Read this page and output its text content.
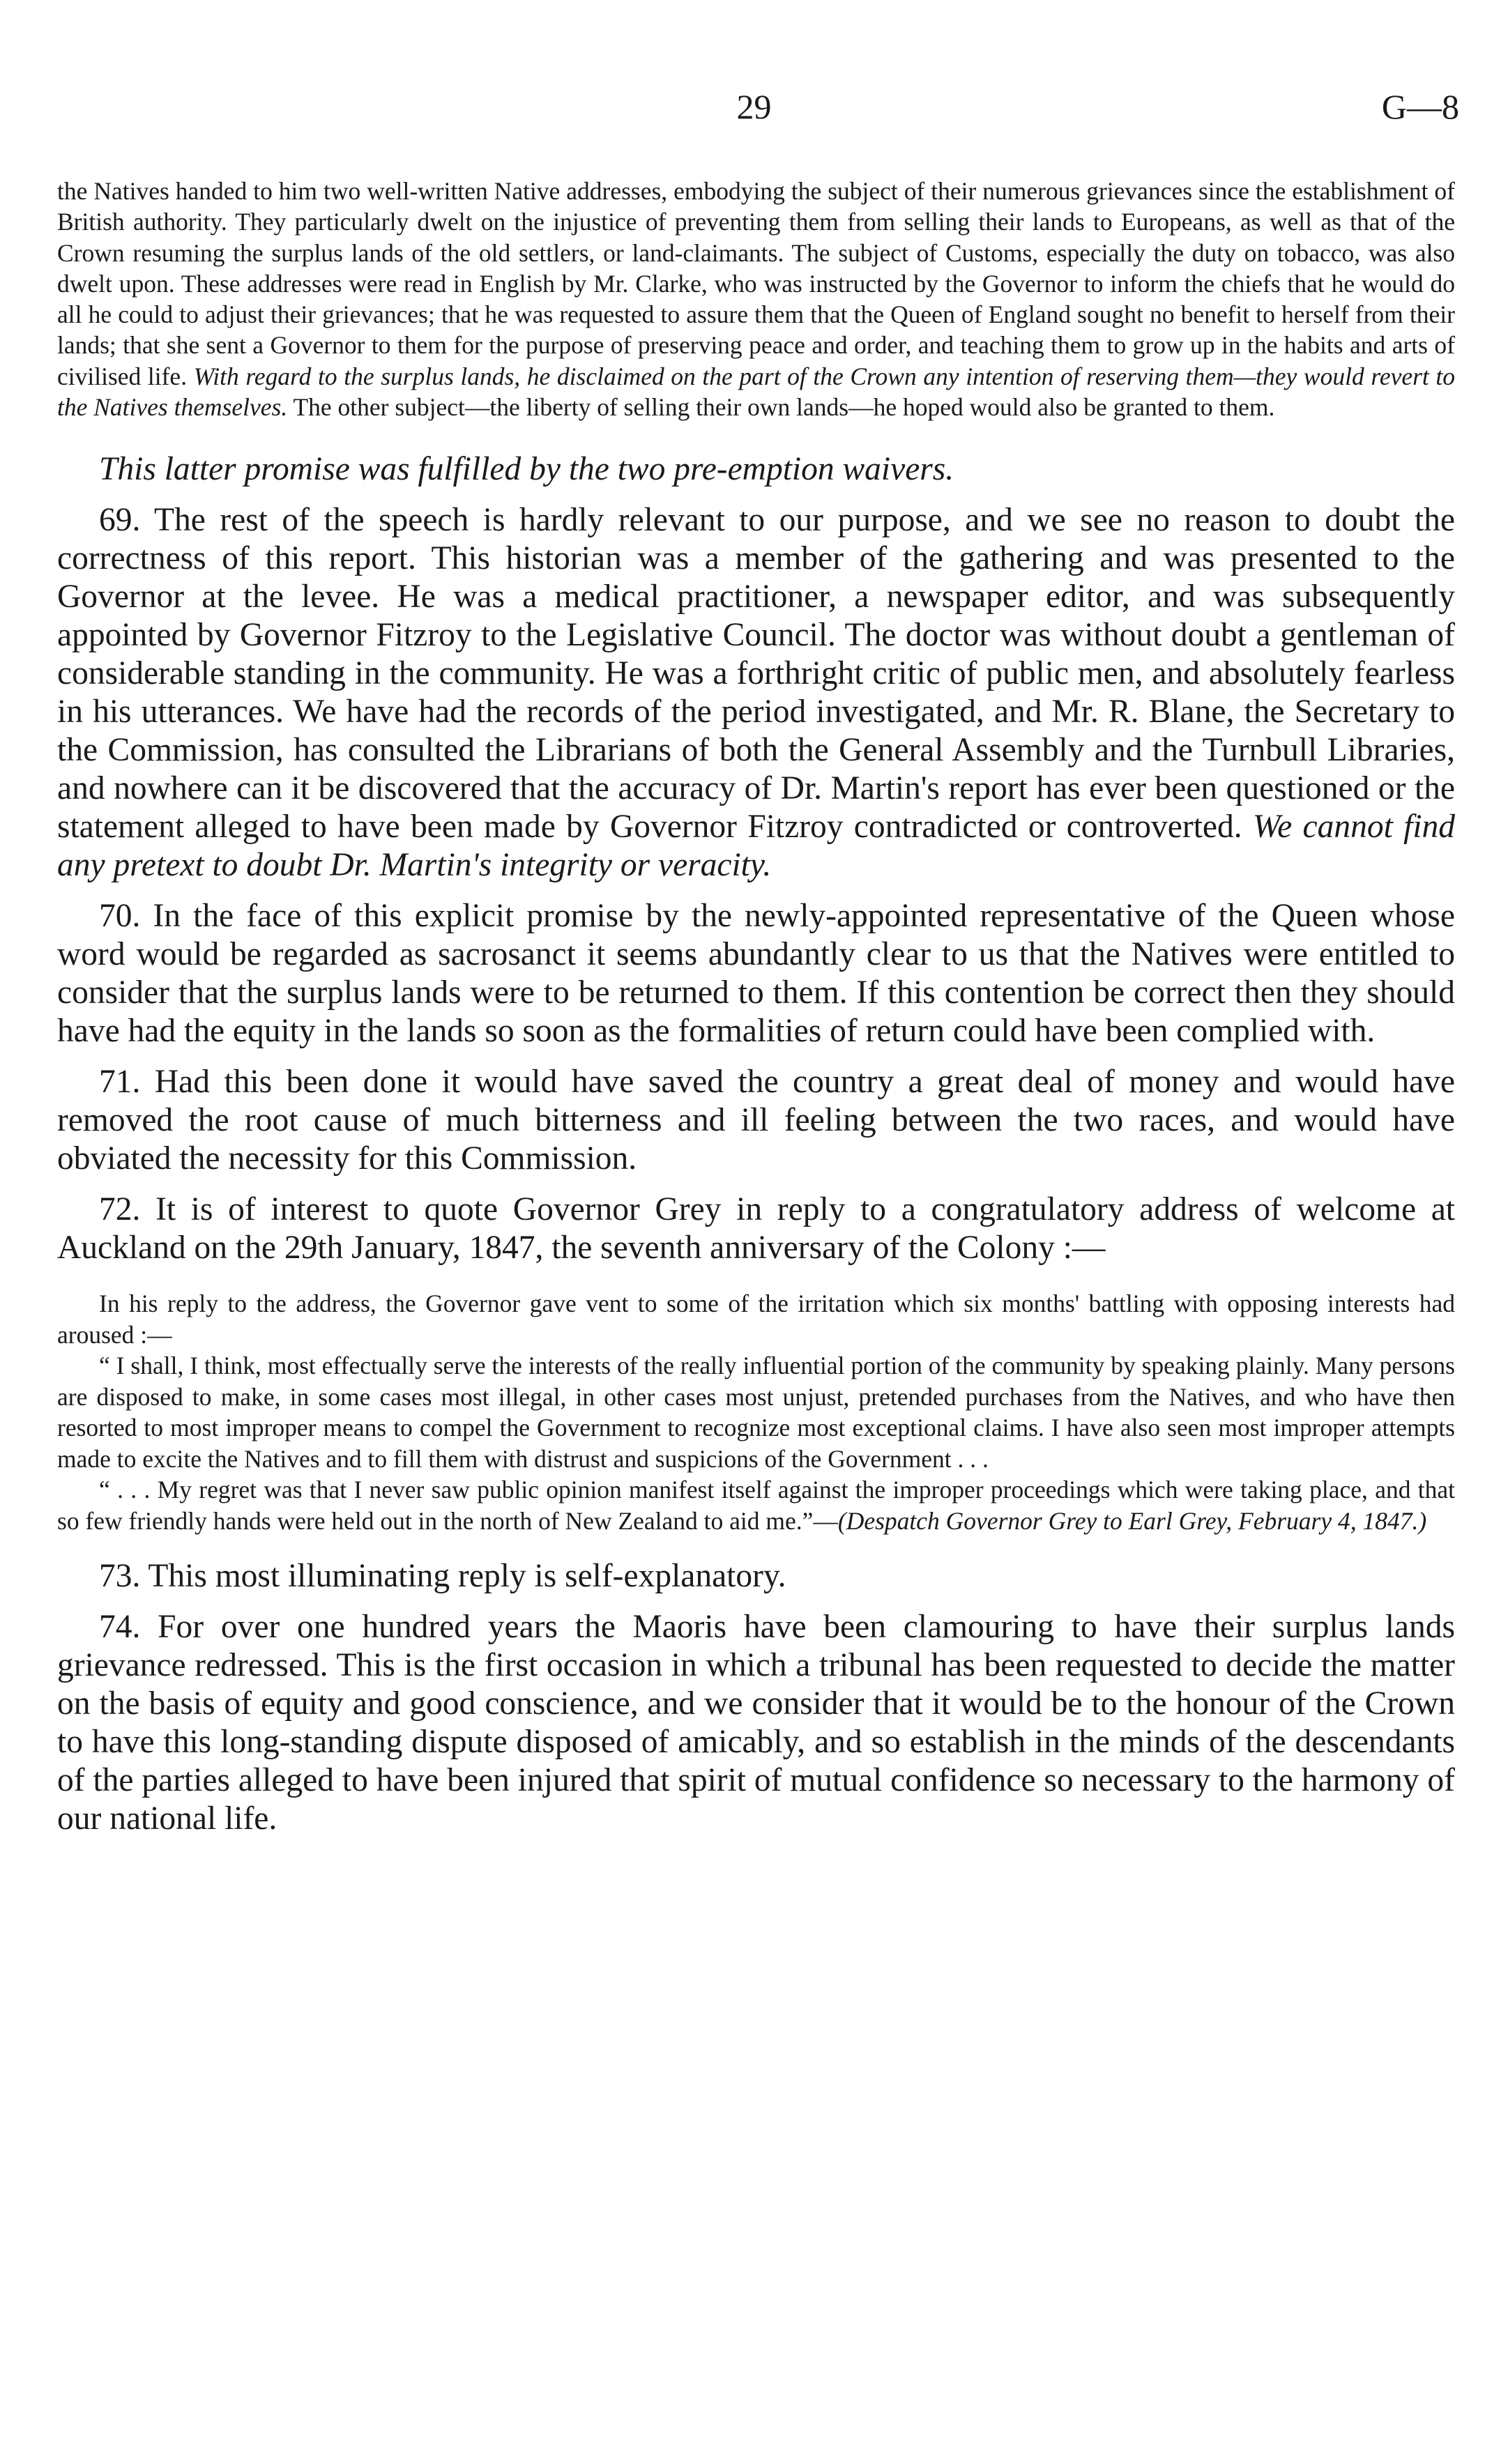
29	G—8

the Natives handed to him two well-written Native addresses, embodying the subject of their numerous grievances since the establishment of British authority. They particularly dwelt on the injustice of preventing them from selling their lands to Europeans, as well as that of the Crown resuming the surplus lands of the old settlers, or land-claimants. The subject of Customs, especially the duty on tobacco, was also dwelt upon. These addresses were read in English by Mr. Clarke, who was instructed by the Governor to inform the chiefs that he would do all he could to adjust their grievances; that he was requested to assure them that the Queen of England sought no benefit to herself from their lands; that she sent a Governor to them for the purpose of preserving peace and order, and teaching them to grow up in the habits and arts of civilised life. With regard to the surplus lands, he disclaimed on the part of the Crown any intention of reserving them—they would revert to the Natives themselves. The other subject—the liberty of selling their own lands—he hoped would also be granted to them.

This latter promise was fulfilled by the two pre-emption waivers.

69. The rest of the speech is hardly relevant to our purpose, and we see no reason to doubt the correctness of this report. This historian was a member of the gathering and was presented to the Governor at the levee. He was a medical practitioner, a newspaper editor, and was subsequently appointed by Governor Fitzroy to the Legislative Council. The doctor was without doubt a gentleman of considerable standing in the community. He was a forthright critic of public men, and absolutely fearless in his utterances. We have had the records of the period investigated, and Mr. R. Blane, the Secretary to the Commission, has consulted the Librarians of both the General Assembly and the Turnbull Libraries, and nowhere can it be discovered that the accuracy of Dr. Martin's report has ever been questioned or the statement alleged to have been made by Governor Fitzroy contradicted or controverted. We cannot find any pretext to doubt Dr. Martin's integrity or veracity.

70. In the face of this explicit promise by the newly-appointed representative of the Queen whose word would be regarded as sacrosanct it seems abundantly clear to us that the Natives were entitled to consider that the surplus lands were to be returned to them. If this contention be correct then they should have had the equity in the lands so soon as the formalities of return could have been complied with.

71. Had this been done it would have saved the country a great deal of money and would have removed the root cause of much bitterness and ill feeling between the two races, and would have obviated the necessity for this Commission.

72. It is of interest to quote Governor Grey in reply to a congratulatory address of welcome at Auckland on the 29th January, 1847, the seventh anniversary of the Colony :—

In his reply to the address, the Governor gave vent to some of the irritation which six months' battling with opposing interests had aroused :—

“ I shall, I think, most effectually serve the interests of the really influential portion of the community by speaking plainly. Many persons are disposed to make, in some cases most illegal, in other cases most unjust, pretended purchases from the Natives, and who have then resorted to most improper means to compel the Government to recognize most exceptional claims. I have also seen most improper attempts made to excite the Natives and to fill them with distrust and suspicions of the Government . . .

“ . . . My regret was that I never saw public opinion manifest itself against the improper proceedings which were taking place, and that so few friendly hands were held out in the north of New Zealand to aid me.”—(Despatch Governor Grey to Earl Grey, February 4, 1847.)

73. This most illuminating reply is self-explanatory.

74. For over one hundred years the Maoris have been clamouring to have their surplus lands grievance redressed. This is the first occasion in which a tribunal has been requested to decide the matter on the basis of equity and good conscience, and we consider that it would be to the honour of the Crown to have this long-standing dispute disposed of amicably, and so establish in the minds of the descendants of the parties alleged to have been injured that spirit of mutual confidence so necessary to the harmony of our national life.
